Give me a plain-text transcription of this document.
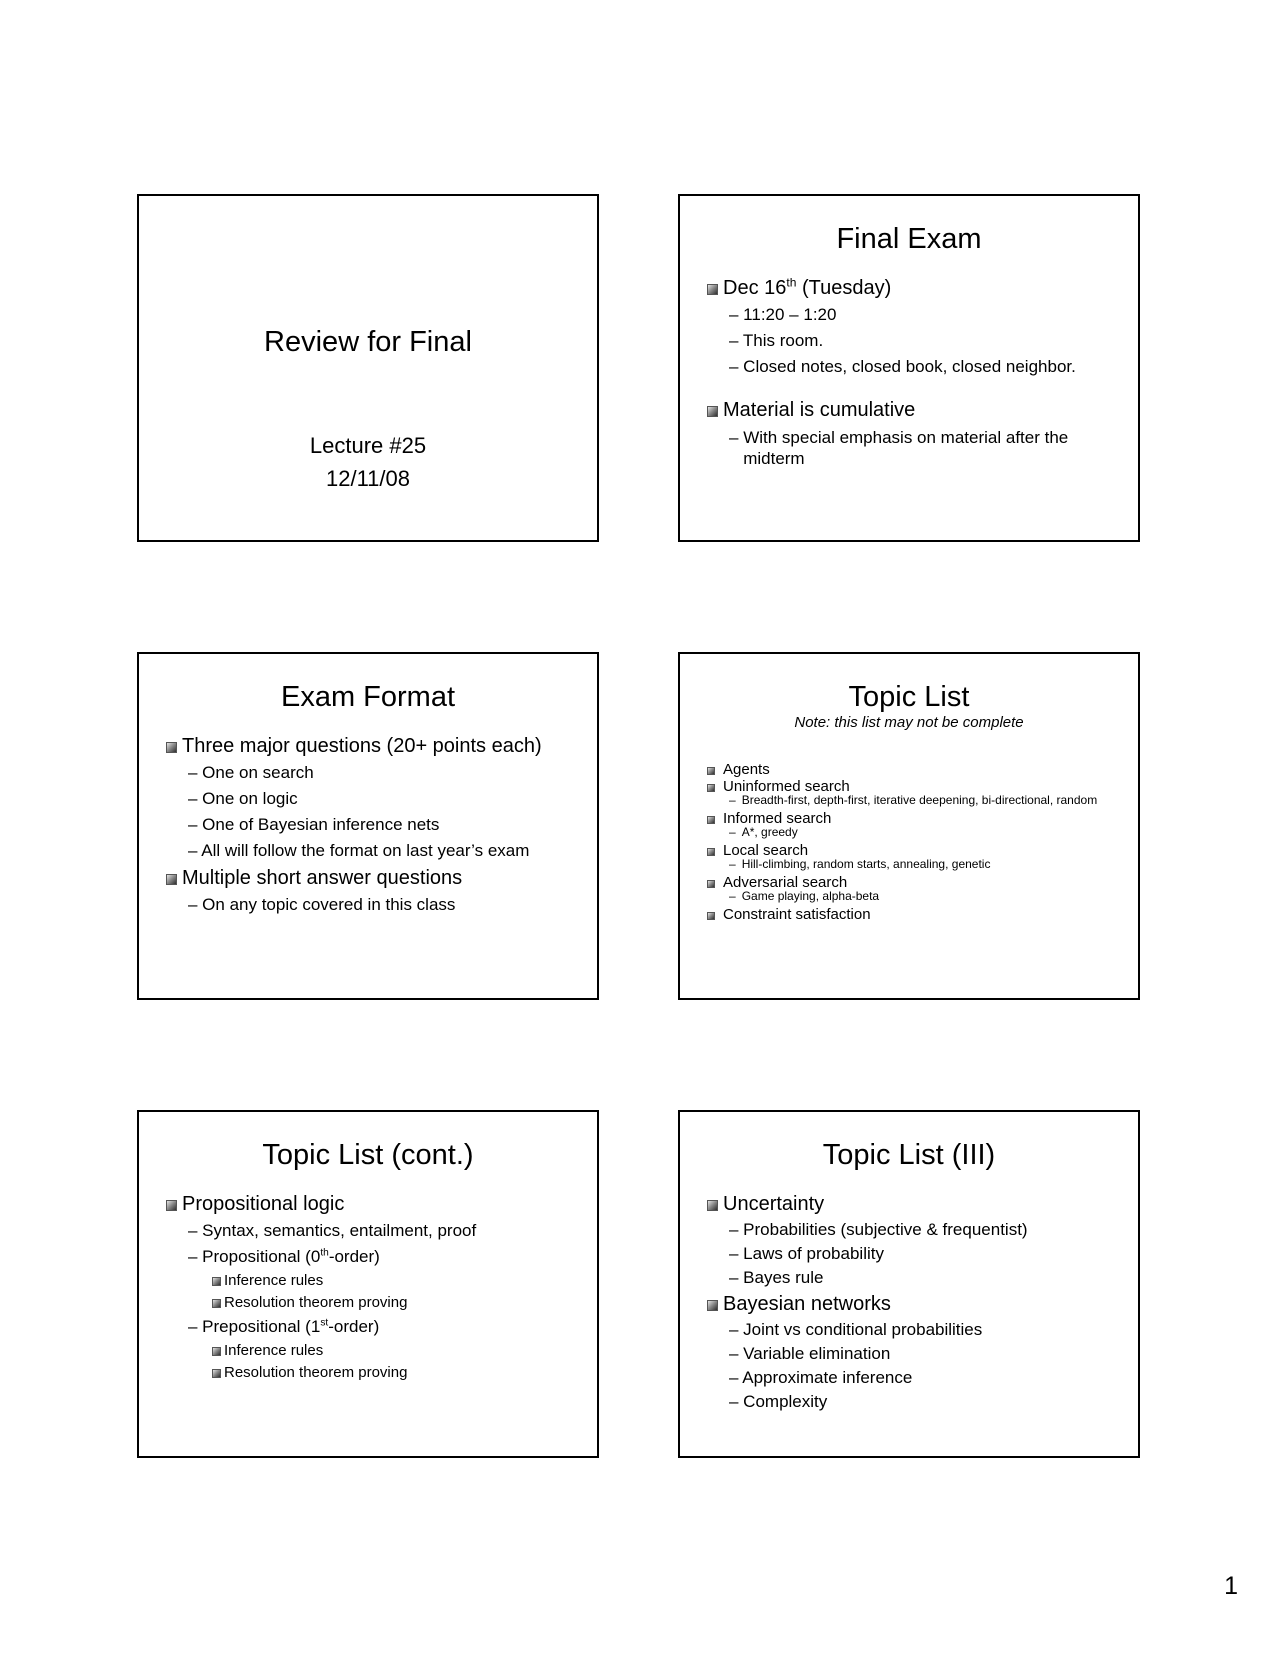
Review for Final
Lecture #25
12/11/08
Final Exam
Dec 16th (Tuesday)
– 11:20 – 1:20
– This room.
– Closed notes, closed book, closed neighbor.
Material is cumulative
–
With special emphasis on material after the midterm
Exam Format
Three major questions (20+ points each)
– One on search
– One on logic
– One of Bayesian inference nets
– All will follow the format on last year’s exam
Multiple short answer questions
– On any topic covered in this class
Topic List
Note: this list may not be complete
Agents
Uninformed search
– Breadth-first, depth-first, iterative deepening, bi-directional, random
Informed search
– A*, greedy
Local search
– Hill-climbing, random starts, annealing, genetic
Adversarial search
– Game playing, alpha-beta
Constraint satisfaction
Topic List (cont.)
Propositional logic
– Syntax, semantics, entailment, proof
– Propositional (0th-order)
Inference rules
Resolution theorem proving
– Prepositional (1st-order)
Inference rules
Resolution theorem proving
Topic List (III)
Uncertainty
– Probabilities (subjective & frequentist)
– Laws of probability
– Bayes rule
Bayesian networks
– Joint vs conditional probabilities
– Variable elimination
– Approximate inference
– Complexity
1
